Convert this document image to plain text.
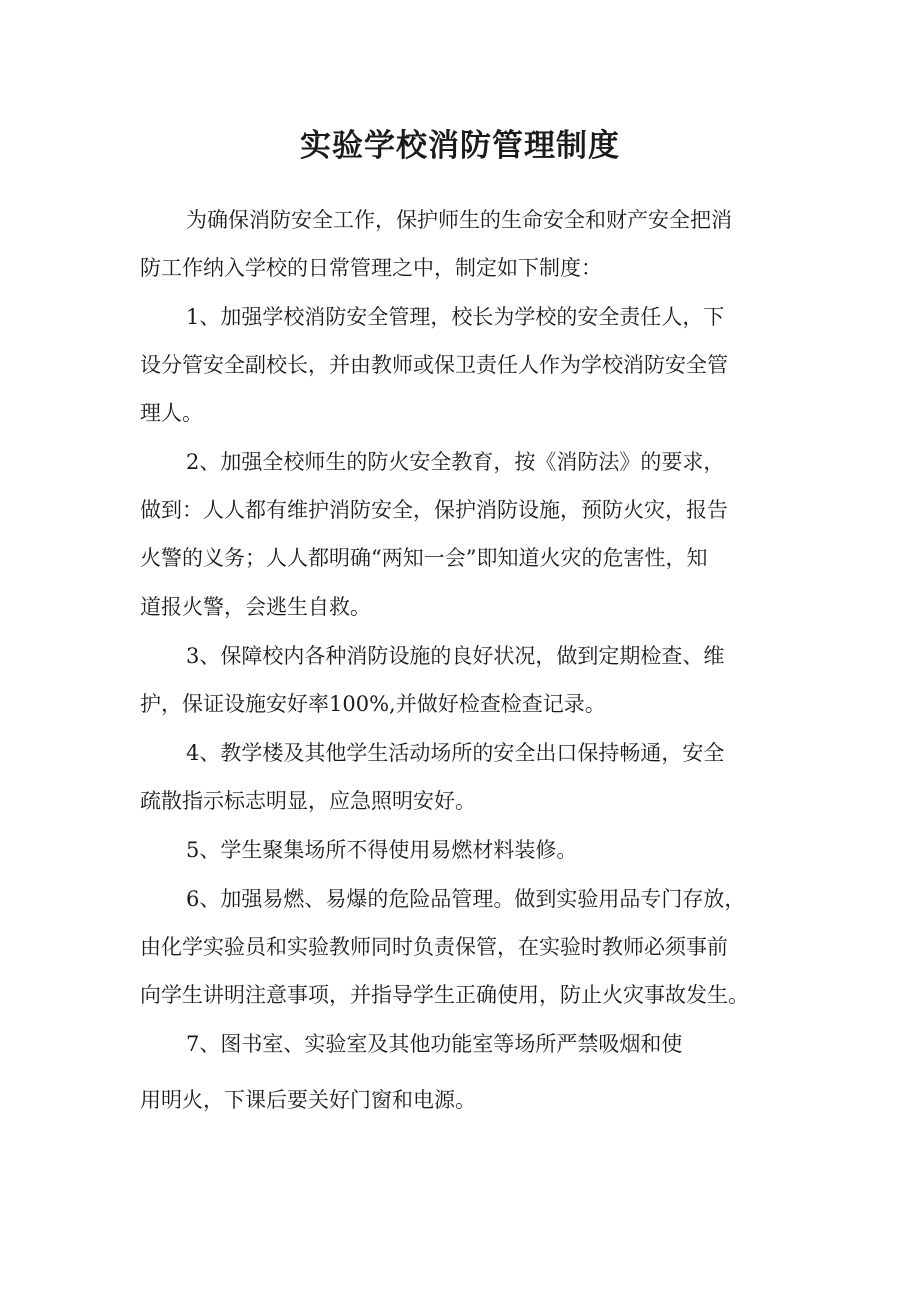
实验学校消防管理制度

为确保消防安全工作，保护师生的生命安全和财产安全把消

防工作纳入学校的日常管理之中，制定如下制度：

1、加强学校消防安全管理，校长为学校的安全责任人，下

设分管安全副校长，并由教师或保卫责任人作为学校消防安全管

理人。

2、加强全校师生的防火安全教育，按《消防法》的要求，

做到：人人都有维护消防安全，保护消防设施，预防火灾，报告

火警的义务；人人都明确“两知一会”即知道火灾的危害性，知

道报火警，会逃生自救。

3、保障校内各种消防设施的良好状况，做到定期检查、维

护，保证设施安好率100%,并做好检查检查记录。

4、教学楼及其他学生活动场所的安全出口保持畅通，安全

疏散指示标志明显，应急照明安好。

5、学生聚集场所不得使用易燃材料装修。

6、加强易燃、易爆的危险品管理。做到实验用品专门存放，

由化学实验员和实验教师同时负责保管，在实验时教师必须事前

向学生讲明注意事项，并指导学生正确使用，防止火灾事故发生。

7、图书室、实验室及其他功能室等场所严禁吸烟和使

用明火，下课后要关好门窗和电源。
